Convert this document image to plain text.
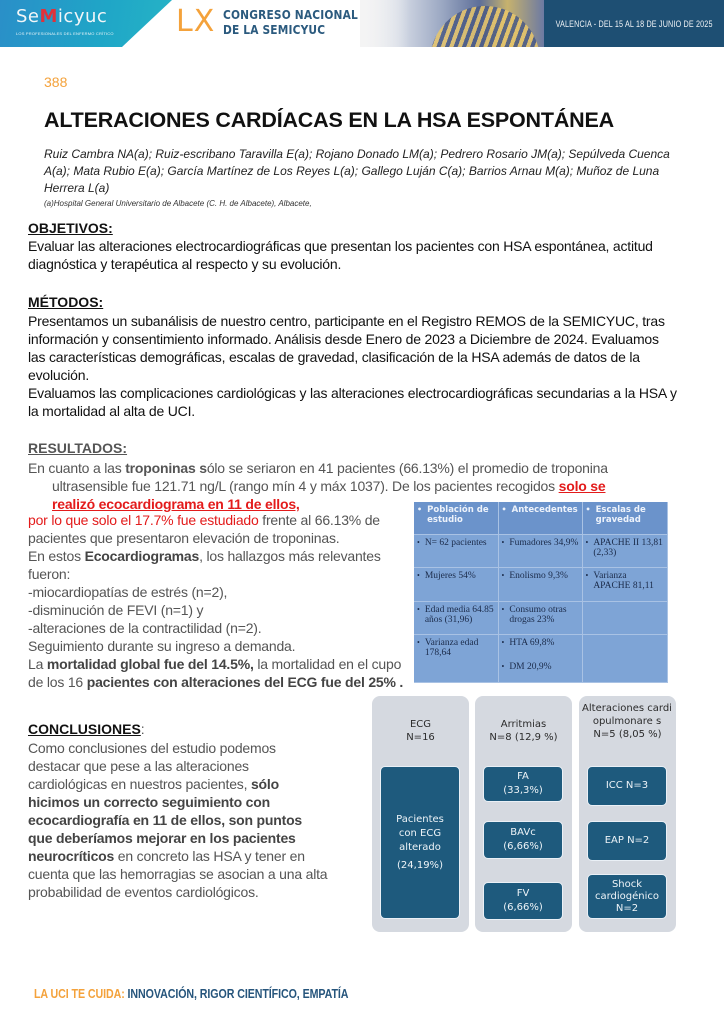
SeMicyuc
LOS PROFESIONALES DEL ENFERMO CRÍTICO LX CONGRESO NACIONAL
DE LA SEMICYUC	VALENCIA - DEL 15 AL 18 DE JUNIO DE 2025
388
ALTERACIONES CARDÍACAS EN LA HSA ESPONTÁNEA
Ruiz Cambra NA(a); Ruiz-escribano Taravilla E(a); Rojano Donado LM(a); Pedrero Rosario JM(a); Sepúlveda Cuenca A(a); Mata Rubio E(a); García Martínez de Los Reyes L(a); Gallego Luján C(a); Barrios Arnau M(a); Muñoz de Luna Herrera L(a)
(a)Hospital General Universitario de Albacete (C. H. de Albacete), Albacete,
OBJETIVOS:
Evaluar las alteraciones electrocardiográficas que presentan los pacientes con HSA espontánea, actitud diagnóstica y terapéutica al respecto y su evolución.
MÉTODOS:
Presentamos un subanálisis de nuestro centro, participante en el Registro REMOS de la SEMICYUC, tras información y consentimiento informado. Análisis desde Enero de 2023 a Diciembre de 2024. Evaluamos las características demográficas, escalas de gravedad, clasificación de la HSA además de datos de la evolución.
Evaluamos las complicaciones cardiológicas y las alteraciones electrocardiográficas secundarias a la HSA y la mortalidad al alta de UCI.
RESULTADOS:
En cuanto a las troponinas sólo se seriaron en 41 pacientes (66.13%) el promedio de troponina
ultrasensible fue 121.71 ng/L (rango mín 4 y máx 1037). De los pacientes recogidos solo se
realizó ecocardiograma en 11 de ellos,
por lo que solo el 17.7% fue estudiado frente al 66.13% de pacientes que presentaron elevación de troponinas.
En estos Ecocardiogramas, los hallazgos más relevantes fueron:
-miocardiopatías de estrés (n=2),
-disminución de FEVI (n=1) y
-alteraciones de la contractilidad (n=2).
Seguimiento durante su ingreso a demanda.
La mortalidad global fue del 14.5%, la mortalidad en el cupo de los 16 pacientes con alteraciones del ECG fue del 25% .
• Población de estudio	• Antecedentes	• Escalas de gravedad

• N= 62 pacientes	• Fumadores 34,9%	• APACHE II 13,81 (2,33)

• Mujeres 54%	• Enolismo 9,3%	• Varianza APACHE 81,11

• Edad media 64.85 años (31,96)	• Consumo otras drogas 23%

• Varianza edad 178,64	• HTA 69,8%
• DM 20,9%

CONCLUSIONES:
Como conclusiones del estudio podemos destacar que pese a las alteraciones cardiológicas en nuestros pacientes, sólo hicimos un correcto seguimiento con ecocardiografía en 11 de ellos, son puntos que deberíamos mejorar en los pacientes neurocríticos en concreto las HSA y tener en cuenta que las hemorragias se asocian a una alta probabilidad de eventos cardiológicos.
ECG
N=16
Pacientes con ECG alterado
(24,19%)
Arritmias
N=8 (12,9 %)
FA
(33,3%)
BAVc
(6,66%)
FV
(6,66%)
Alteraciones cardiopulmonare s
N=5 (8,05 %)
ICC N=3
EAP N=2
Shock cardiogénico
N=2
LA UCI TE CUIDA: INNOVACIÓN, RIGOR CIENTÍFICO, EMPATÍA
